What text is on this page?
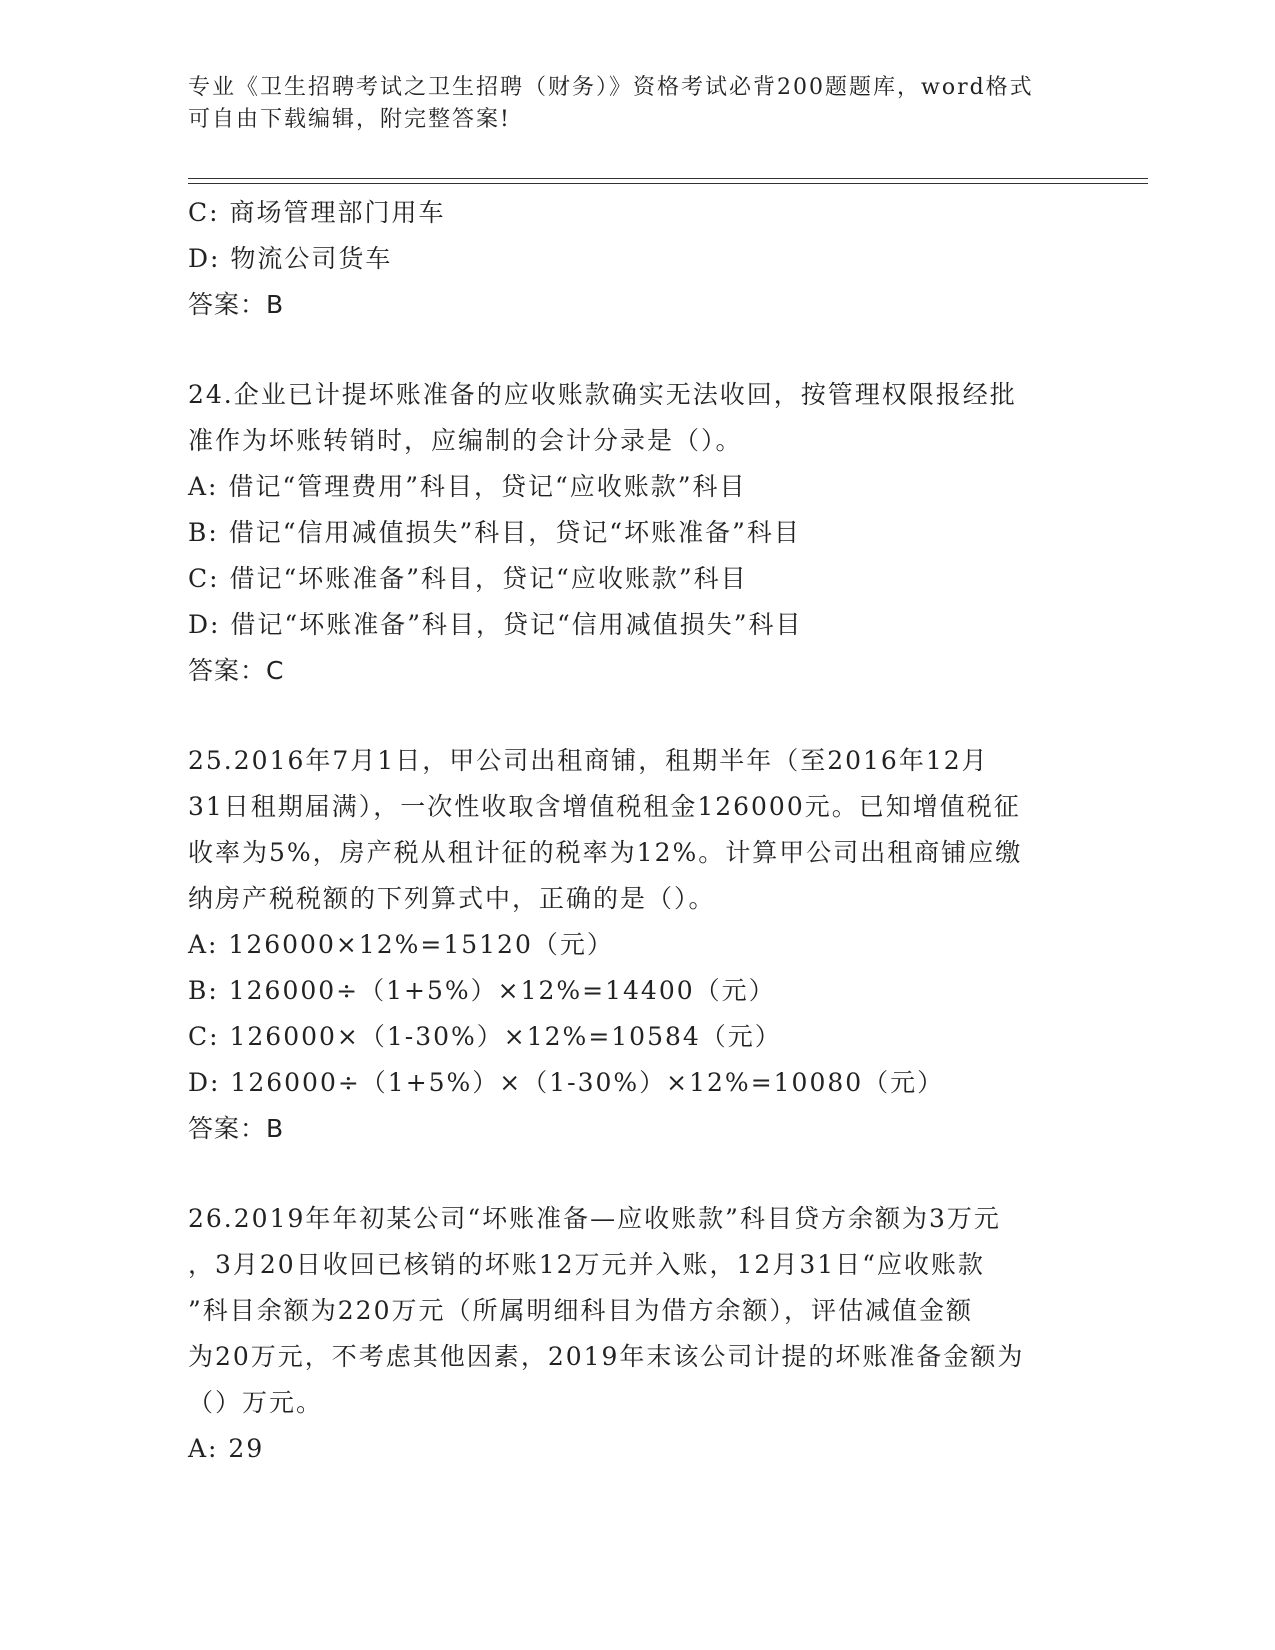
专业《卫生招聘考试之卫生招聘（财务）》资格考试必背200题题库，word格式
可自由下载编辑，附完整答案!
C: 商场管理部门用车
D: 物流公司货车
答案：B
24.企业已计提坏账准备的应收账款确实无法收回，按管理权限报经批
准作为坏账转销时，应编制的会计分录是（）。
A: 借记“管理费用”科目，贷记“应收账款”科目
B: 借记“信用减值损失”科目，贷记“坏账准备”科目
C: 借记“坏账准备”科目，贷记“应收账款”科目
D: 借记“坏账准备”科目，贷记“信用减值损失”科目
答案：C
25.2016年7月1日，甲公司出租商铺，租期半年（至2016年12月
31日租期届满），一次性收取含增值税租金126000元。已知增值税征
收率为5%，房产税从租计征的税率为12%。计算甲公司出租商铺应缴
纳房产税税额的下列算式中，正确的是（）。
A: 126000×12%=15120（元）
B: 126000÷（1+5%）×12%=14400（元）
C: 126000×（1-30%）×12%=10584（元）
D: 126000÷（1+5%）×（1-30%）×12%=10080（元）
答案：B
26.2019年年初某公司“坏账准备—应收账款”科目贷方余额为3万元
，3月20日收回已核销的坏账12万元并入账，12月31日“应收账款
”科目余额为220万元（所属明细科目为借方余额），评估减值金额
为20万元，不考虑其他因素，2019年末该公司计提的坏账准备金额为
（）万元。
A: 29
